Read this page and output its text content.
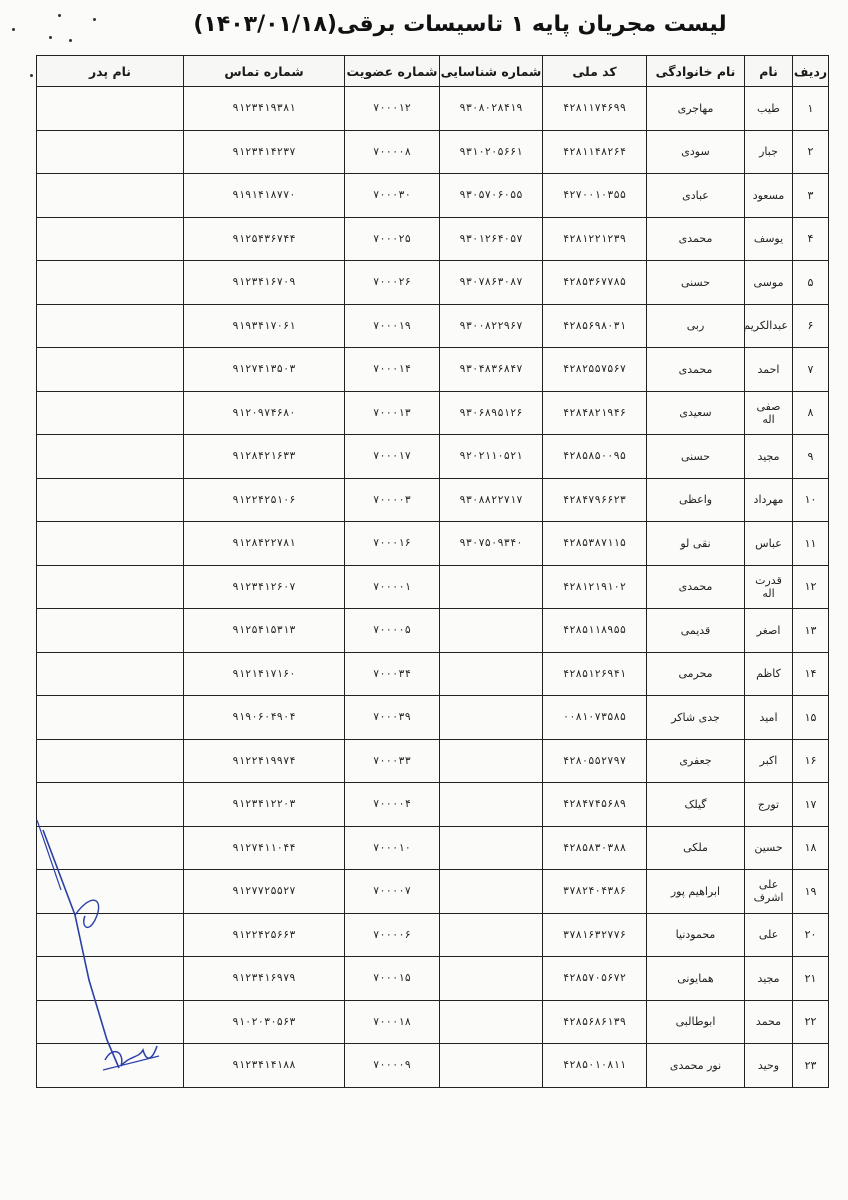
لیست مجریان پایه ۱ تاسیسات برقی(۱۴۰۳/۰۱/۱۸)
ردیف	نام	نام خانوادگی	کد ملی	شماره شناسایی	شماره عضویت	شماره تماس	نام پدر
۱	طیب	مهاجری	۴۲۸۱۱۷۴۶۹۹	۹۳۰۸۰۲۸۴۱۹	۷۰۰۰۱۲	۹۱۲۳۴۱۹۳۸۱	
۲	جبار	سودی	۴۲۸۱۱۴۸۲۶۴	۹۳۱۰۲۰۵۶۶۱	۷۰۰۰۰۸	۹۱۲۳۴۱۴۲۳۷	
۳	مسعود	عبادی	۴۲۷۰۰۱۰۳۵۵	۹۳۰۵۷۰۶۰۵۵	۷۰۰۰۳۰	۹۱۹۱۴۱۸۷۷۰	
۴	یوسف	محمدی	۴۲۸۱۲۲۱۲۳۹	۹۳۰۱۲۶۴۰۵۷	۷۰۰۰۲۵	۹۱۲۵۴۳۶۷۴۴	
۵	موسی	حسنی	۴۲۸۵۳۶۷۷۸۵	۹۳۰۷۸۶۳۰۸۷	۷۰۰۰۲۶	۹۱۲۳۴۱۶۷۰۹	
۶	عبدالکریم	ربی	۴۲۸۵۶۹۸۰۳۱	۹۳۰۰۸۲۲۹۶۷	۷۰۰۰۱۹	۹۱۹۳۴۱۷۰۶۱	
۷	احمد	محمدی	۴۲۸۲۵۵۷۵۶۷	۹۳۰۴۸۳۶۸۴۷	۷۰۰۰۱۴	۹۱۲۷۴۱۳۵۰۳	
۸	صفی اله	سعیدی	۴۲۸۴۸۲۱۹۴۶	۹۳۰۶۸۹۵۱۲۶	۷۰۰۰۱۳	۹۱۲۰۹۷۴۶۸۰	
۹	مجید	حسنی	۴۲۸۵۸۵۰۰۹۵	۹۲۰۲۱۱۰۵۲۱	۷۰۰۰۱۷	۹۱۲۸۴۲۱۶۳۳	
۱۰	مهرداد	واعظی	۴۲۸۴۷۹۶۶۲۳	۹۳۰۸۸۲۲۷۱۷	۷۰۰۰۰۳	۹۱۲۲۴۲۵۱۰۶	
۱۱	عباس	نقی لو	۴۲۸۵۳۸۷۱۱۵	۹۳۰۷۵۰۹۳۴۰	۷۰۰۰۱۶	۹۱۲۸۴۲۲۷۸۱	
۱۲	قدرت اله	محمدی	۴۲۸۱۲۱۹۱۰۲		۷۰۰۰۰۱	۹۱۲۳۴۱۲۶۰۷	
۱۳	اصغر	قدیمی	۴۲۸۵۱۱۸۹۵۵		۷۰۰۰۰۵	۹۱۲۵۴۱۵۳۱۳	
۱۴	کاظم	محرمی	۴۲۸۵۱۲۶۹۴۱		۷۰۰۰۳۴	۹۱۲۱۴۱۷۱۶۰	
۱۵	امید	جدی شاکر	۰۰۸۱۰۷۳۵۸۵		۷۰۰۰۳۹	۹۱۹۰۶۰۴۹۰۴	
۱۶	اکبر	جعفری	۴۲۸۰۵۵۲۷۹۷		۷۰۰۰۳۳	۹۱۲۲۴۱۹۹۷۴	
۱۷	تورج	گیلک	۴۲۸۴۷۴۵۶۸۹		۷۰۰۰۰۴	۹۱۲۳۴۱۲۲۰۳	
۱۸	حسین	ملکی	۴۲۸۵۸۳۰۳۸۸		۷۰۰۰۱۰	۹۱۲۷۴۱۱۰۴۴	
۱۹	علی اشرف	ابراهیم پور	۳۷۸۲۴۰۴۳۸۶		۷۰۰۰۰۷	۹۱۲۷۷۲۵۵۲۷	
۲۰	علی	محمودنیا	۳۷۸۱۶۳۲۷۷۶		۷۰۰۰۰۶	۹۱۲۲۴۲۵۶۶۳	
۲۱	مجید	همایونی	۴۲۸۵۷۰۵۶۷۲		۷۰۰۰۱۵	۹۱۲۳۴۱۶۹۷۹	
۲۲	محمد	ابوطالبی	۴۲۸۵۶۸۶۱۳۹		۷۰۰۰۱۸	۹۱۰۲۰۳۰۵۶۳	
۲۳	وحید	نور محمدی	۴۲۸۵۰۱۰۸۱۱		۷۰۰۰۰۹	۹۱۲۳۴۱۴۱۸۸	
